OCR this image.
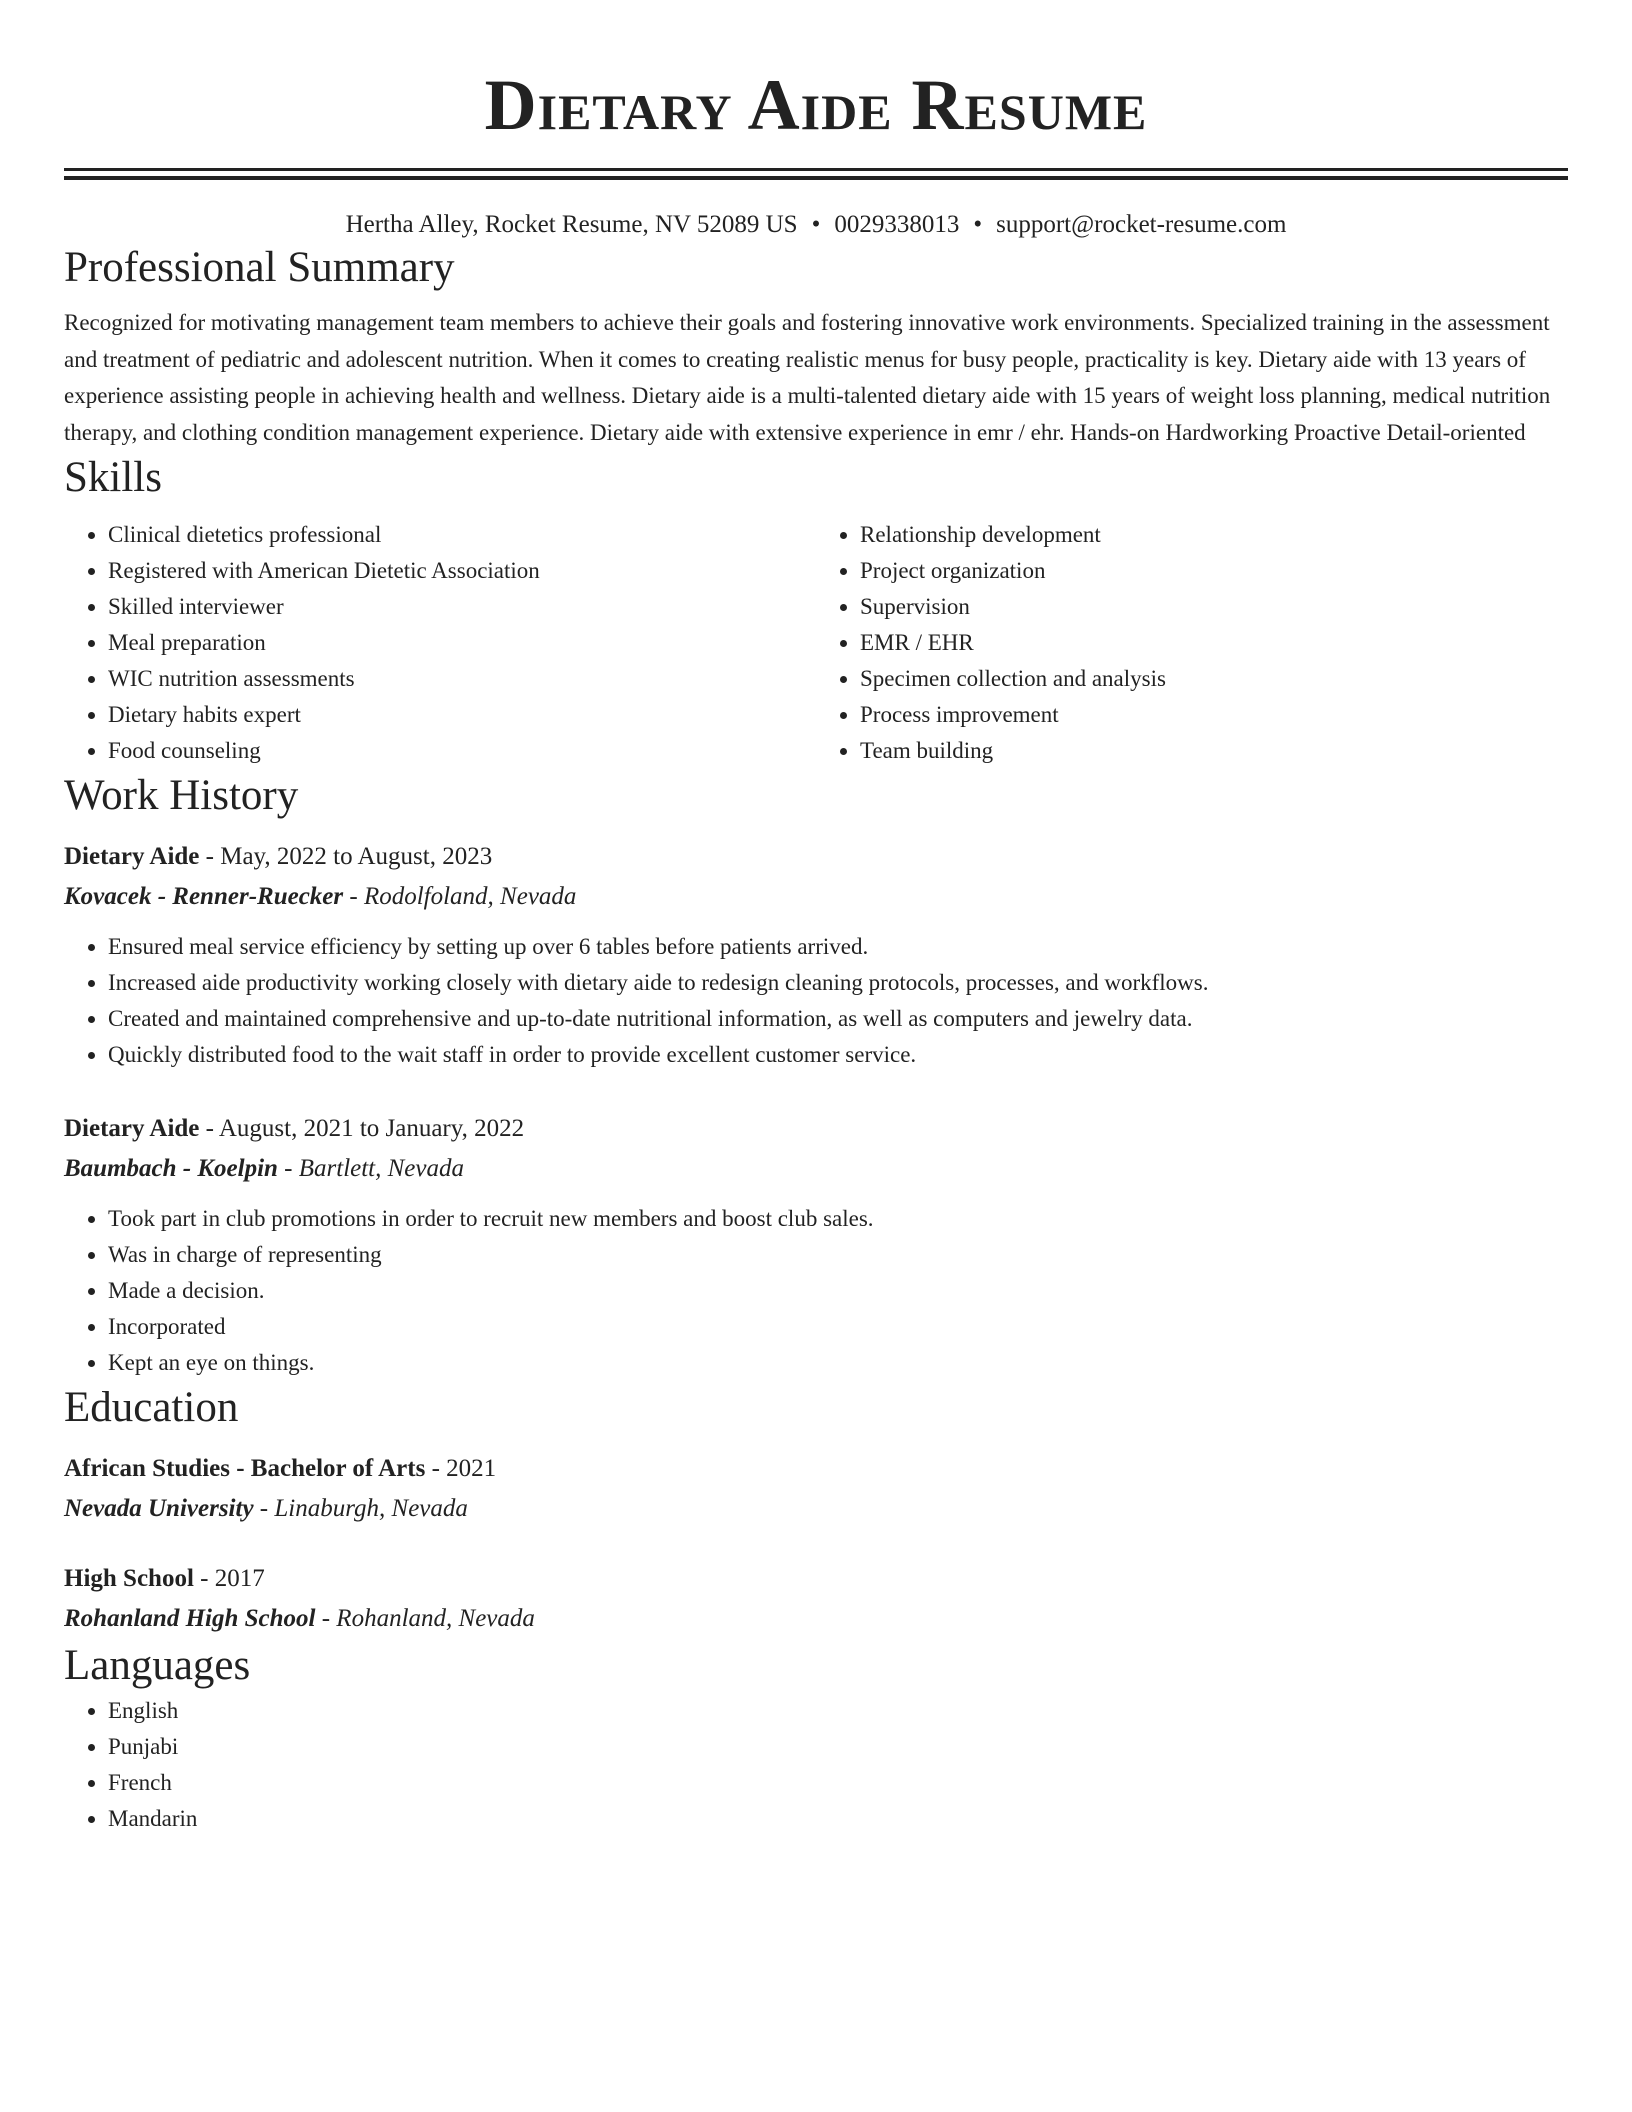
Dietary Aide Resume
Hertha Alley, Rocket Resume, NV 52089 US • 0029338013 • support@rocket-resume.com
Professional Summary
Recognized for motivating management team members to achieve their goals and fostering innovative work environments. Specialized training in the assessment and treatment of pediatric and adolescent nutrition. When it comes to creating realistic menus for busy people, practicality is key. Dietary aide with 13 years of experience assisting people in achieving health and wellness. Dietary aide is a multi-talented dietary aide with 15 years of weight loss planning, medical nutrition therapy, and clothing condition management experience. Dietary aide with extensive experience in emr / ehr. Hands-on Hardworking Proactive Detail-oriented
Skills
• Clinical dietetics professional
• Registered with American Dietetic Association
• Skilled interviewer
• Meal preparation
• WIC nutrition assessments
• Dietary habits expert
• Food counseling
• Relationship development
• Project organization
• Supervision
• EMR / EHR
• Specimen collection and analysis
• Process improvement
• Team building
Work History
Dietary Aide - May, 2022 to August, 2023
Kovacek - Renner-Ruecker - Rodolfoland, Nevada
• Ensured meal service efficiency by setting up over 6 tables before patients arrived.
• Increased aide productivity working closely with dietary aide to redesign cleaning protocols, processes, and workflows.
• Created and maintained comprehensive and up-to-date nutritional information, as well as computers and jewelry data.
• Quickly distributed food to the wait staff in order to provide excellent customer service.
Dietary Aide - August, 2021 to January, 2022
Baumbach - Koelpin - Bartlett, Nevada
• Took part in club promotions in order to recruit new members and boost club sales.
• Was in charge of representing
• Made a decision.
• Incorporated
• Kept an eye on things.
Education
African Studies - Bachelor of Arts - 2021
Nevada University - Linaburgh, Nevada
High School - 2017
Rohanland High School - Rohanland, Nevada
Languages
• English
• Punjabi
• French
• Mandarin
